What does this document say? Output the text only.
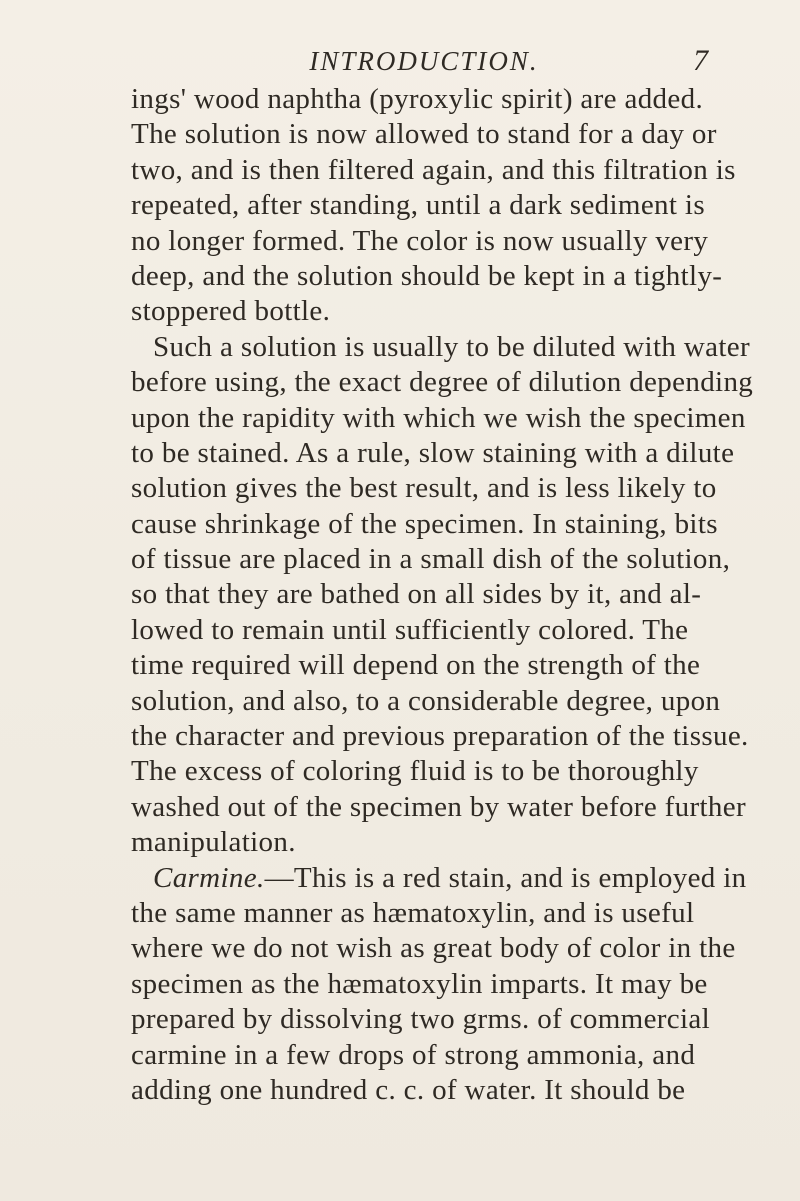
INTRODUCTION.	7

ings' wood naphtha (pyroxylic spirit) are added.
The solution is now allowed to stand for a day or
two, and is then filtered again, and this filtration is
repeated, after standing, until a dark sediment is
no longer formed. The color is now usually very
deep, and the solution should be kept in a tightly-
stoppered bottle.

Such a solution is usually to be diluted with water
before using, the exact degree of dilution depending
upon the rapidity with which we wish the specimen
to be stained. As a rule, slow staining with a dilute
solution gives the best result, and is less likely to
cause shrinkage of the specimen. In staining, bits
of tissue are placed in a small dish of the solution,
so that they are bathed on all sides by it, and al-
lowed to remain until sufficiently colored. The
time required will depend on the strength of the
solution, and also, to a considerable degree, upon
the character and previous preparation of the tissue.
The excess of coloring fluid is to be thoroughly
washed out of the specimen by water before further
manipulation.

Carmine.—This is a red stain, and is employed in
the same manner as hæmatoxylin, and is useful
where we do not wish as great body of color in the
specimen as the hæmatoxylin imparts. It may be
prepared by dissolving two grms. of commercial
carmine in a few drops of strong ammonia, and
adding one hundred c. c. of water. It should be
